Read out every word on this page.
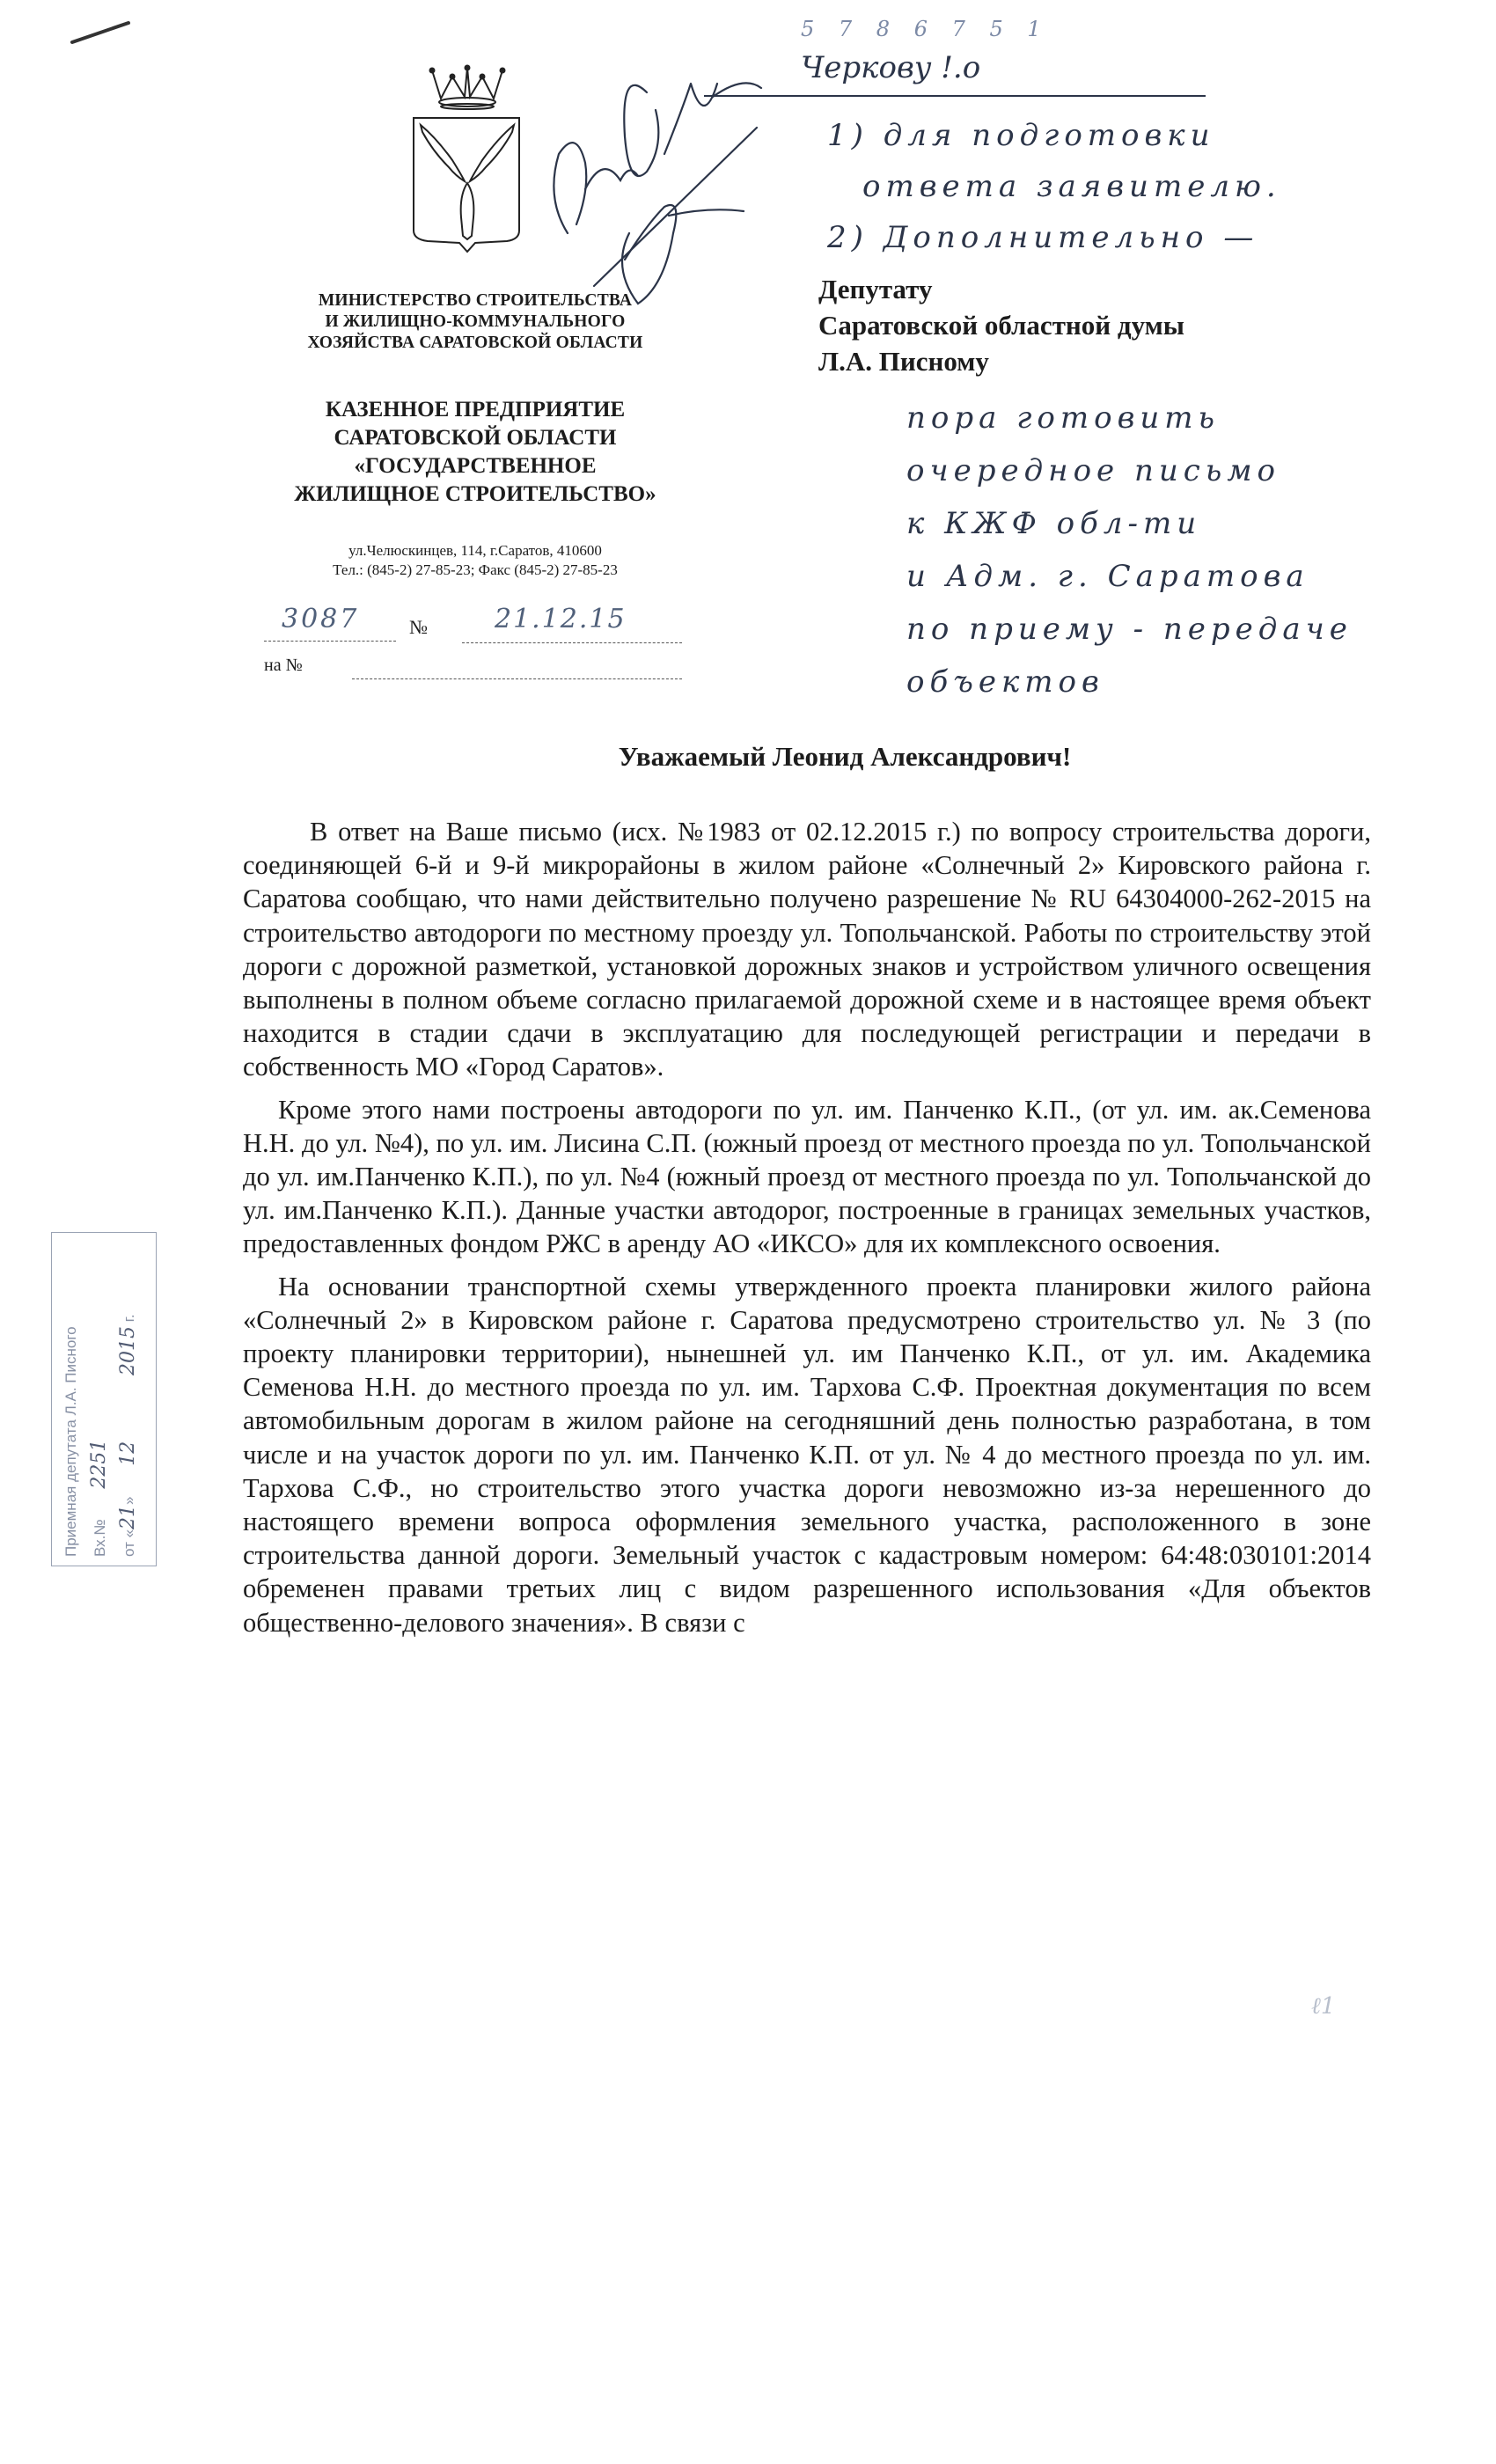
5 7 8 6 7 5 1
Черкову !.о
1) для подготовки
ответа заявителю.
2) Дополнительно —
МИНИСТЕРСТВО СТРОИТЕЛЬСТВА
И ЖИЛИЩНО-КОММУНАЛЬНОГО
ХОЗЯЙСТВА САРАТОВСКОЙ ОБЛАСТИ
КАЗЕННОЕ ПРЕДПРИЯТИЕ
САРАТОВСКОЙ ОБЛАСТИ
«ГОСУДАРСТВЕННОЕ
ЖИЛИЩНОЕ СТРОИТЕЛЬСТВО»
ул.Челюскинцев, 114, г.Саратов, 410600
Тел.: (845-2) 27-85-23; Факс (845-2) 27-85-23
3087	№	21.12.15
на №
Депутату
Саратовской областной думы
Л.А. Писному
пора готовить
очередное письмо
к КЖФ обл-ти
и Адм. г. Саратова
по приему - передаче
объектов
Уважаемый Леонид Александрович!

В ответ на Ваше письмо (исх. №1983 от 02.12.2015 г.) по вопросу строительства дороги, соединяющей 6-й и 9-й микрорайоны в жилом районе «Солнечный 2» Кировского района г. Саратова сообщаю, что нами действительно получено разрешение № RU 64304000-262-2015 на строительство автодороги по местному проезду ул. Топольчанской. Работы по строительству этой дороги с дорожной разметкой, установкой дорожных знаков и устройством уличного освещения выполнены в полном объеме согласно прилагаемой дорожной схеме и в настоящее время объект находится в стадии сдачи в эксплуатацию для последующей регистрации и передачи в собственность МО «Город Саратов».

Кроме этого нами построены автодороги по ул. им. Панченко К.П., (от ул. им. ак.Семенова Н.Н. до ул. №4), по ул. им. Лисина С.П. (южный проезд от местного проезда по ул. Топольчанской до ул. им.Панченко К.П.), по ул. №4 (южный проезд от местного проезда по ул. Топольчанской до ул. им.Панченко К.П.). Данные участки автодорог, построенные в границах земельных участков, предоставленных фондом РЖС в аренду АО «ИКСО» для их комплексного освоения.

На основании транспортной схемы утвержденного проекта планировки жилого района «Солнечный 2» в Кировском районе г. Саратова предусмотрено строительство ул. № 3 (по проекту планировки территории), нынешней ул. им Панченко К.П., от ул. им. Академика Семенова Н.Н. до местного проезда по ул. им. Тархова С.Ф. Проектная документация по всем автомобильным дорогам в жилом районе на сегодняшний день полностью разработана, в том числе и на участок дороги по ул. им. Панченко К.П. от ул. № 4 до местного проезда по ул. им. Тархова С.Ф., но строительство этого участка дороги невозможно из-за нерешенного до настоящего времени вопроса оформления земельного участка, расположенного в зоне строительства данной дороги. Земельный участок с кадастровым номером: 64:48:030101:2014 обременен правами третьих лиц с видом разрешенного использования «Для объектов общественно-делового значения». В связи с

Приемная депутата Л.А. Писного Вх.№ 2251
от «21» 12 2015 г.
ℓ1
